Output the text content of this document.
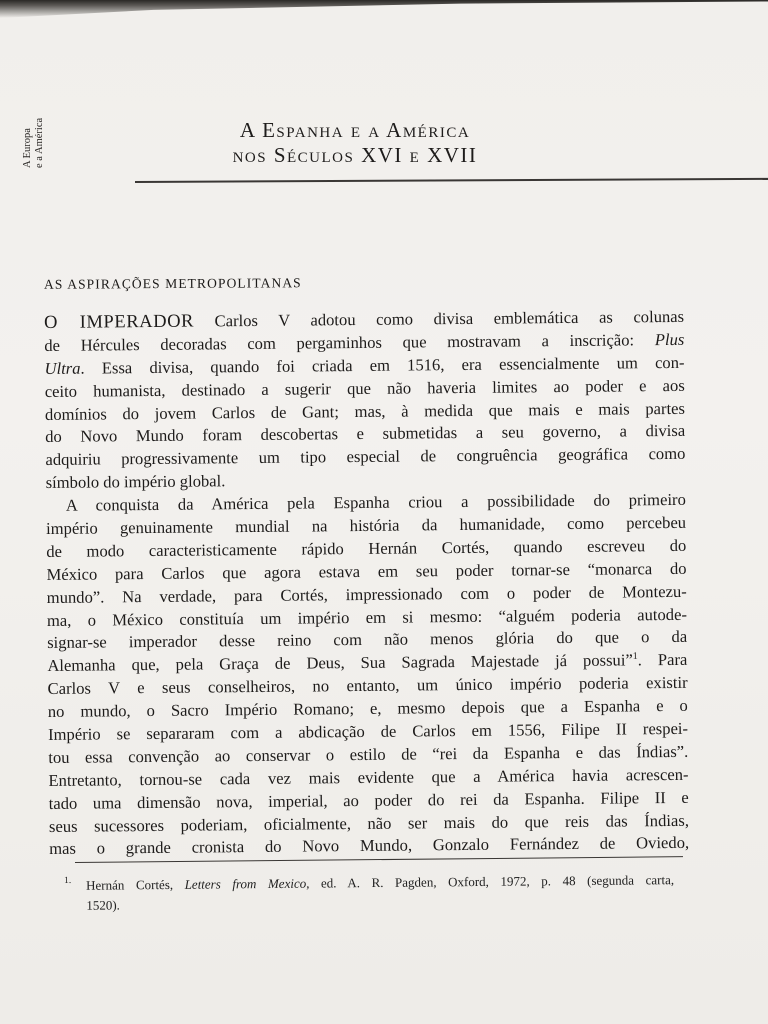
A Europa e a América	A Espanha e a América
nos Séculos XVI e XVII
AS ASPIRAÇÕES METROPOLITANAS
O IMPERADOR Carlos V adotou como divisa emblemática as colunas
de Hércules decoradas com pergaminhos que mostravam a inscrição: Plus
Ultra. Essa divisa, quando foi criada em 1516, era essencialmente um con-
ceito humanista, destinado a sugerir que não haveria limites ao poder e aos
domínios do jovem Carlos de Gant; mas, à medida que mais e mais partes
do Novo Mundo foram descobertas e submetidas a seu governo, a divisa
adquiriu progressivamente um tipo especial de congruência geográfica como
símbolo do império global.
A conquista da América pela Espanha criou a possibilidade do primeiro
império genuinamente mundial na história da humanidade, como percebeu
de modo caracteristicamente rápido Hernán Cortés, quando escreveu do
México para Carlos que agora estava em seu poder tornar-se “monarca do
mundo”. Na verdade, para Cortés, impressionado com o poder de Montezu-
ma, o México constituía um império em si mesmo: “alguém poderia autode-
signar-se imperador desse reino com não menos glória do que o da
Alemanha que, pela Graça de Deus, Sua Sagrada Majestade já possui”$^1$. Para
Carlos V e seus conselheiros, no entanto, um único império poderia existir
no mundo, o Sacro Império Romano; e, mesmo depois que a Espanha e o
Império se separaram com a abdicação de Carlos em 1556, Filipe II respei-
tou essa convenção ao conservar o estilo de “rei da Espanha e das Índias”.
Entretanto, tornou-se cada vez mais evidente que a América havia acrescen-
tado uma dimensão nova, imperial, ao poder do rei da Espanha. Filipe II e
seus sucessores poderiam, oficialmente, não ser mais do que reis das Índias,
mas o grande cronista do Novo Mundo, Gonzalo Fernández de Oviedo,
1.	Hernán Cortés, Letters from Mexico, ed. A. R. Pagden, Oxford, 1972, p. 48 (segunda carta,
1520).
